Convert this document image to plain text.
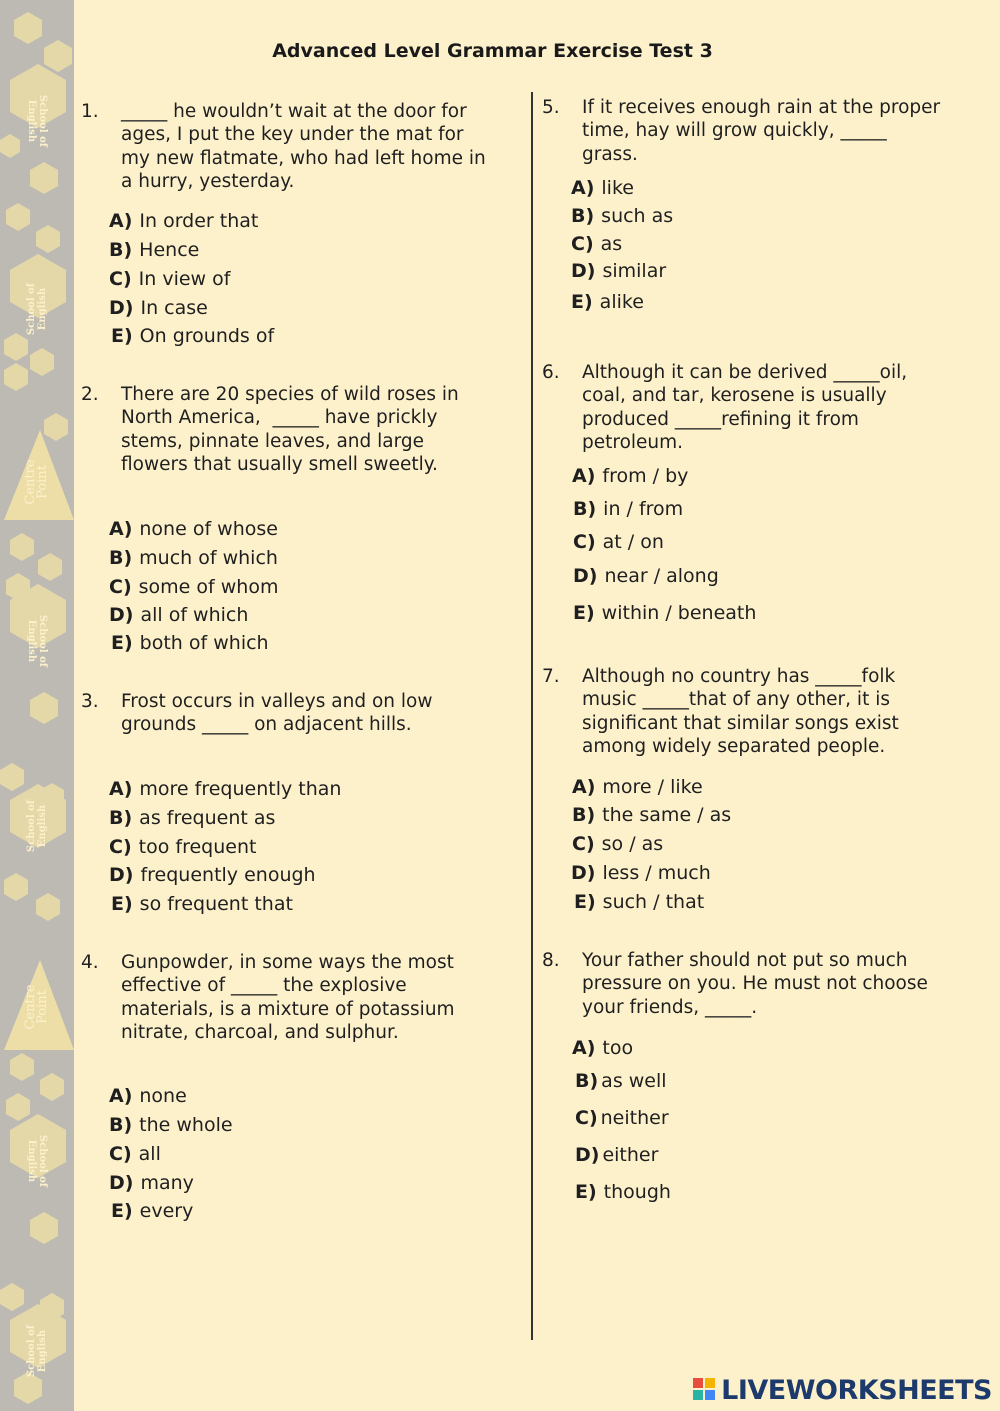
School of English
School of English
School of English
School of English
School of English
School of English
Centre Point
Centre Point
Advanced Level Grammar Exercise Test 3
1. _____ he wouldn’t wait at the door for
ages, I put the key under the mat for
my new flatmate, who had left home in
a hurry, yesterday.
A) In order that
B) Hence
C) In view of
D) In case
E) On grounds of
2. There are 20 species of wild roses in
North America,  _____ have prickly
stems, pinnate leaves, and large
flowers that usually smell sweetly.
A) none of whose
B) much of which
C) some of whom
D) all of which
E) both of which
3. Frost occurs in valleys and on low
grounds _____ on adjacent hills.
A) more frequently than
B) as frequent as
C) too frequent
D) frequently enough
E) so frequent that
4. Gunpowder, in some ways the most
effective of _____ the explosive
materials, is a mixture of potassium
nitrate, charcoal, and sulphur.
A) none
B) the whole
C) all
D) many
E) every
5. If it receives enough rain at the proper
time, hay will grow quickly, _____
grass.
A) like
B) such as
C) as
D) similar
E) alike
6. Although it can be derived _____oil,
coal, and tar, kerosene is usually
produced _____refining it from
petroleum.
A) from / by
B) in / from
C) at / on
D) near / along
E) within / beneath
7. Although no country has _____folk
music _____that of any other, it is
significant that similar songs exist
among widely separated people.
A) more / like
B) the same / as
C) so / as
D) less / much
E) such / that
8. Your father should not put so much
pressure on you. He must not choose
your friends, _____.
A) too
B) as well
C) neither
D) either
E) though
LIVEWORKSHEETS
